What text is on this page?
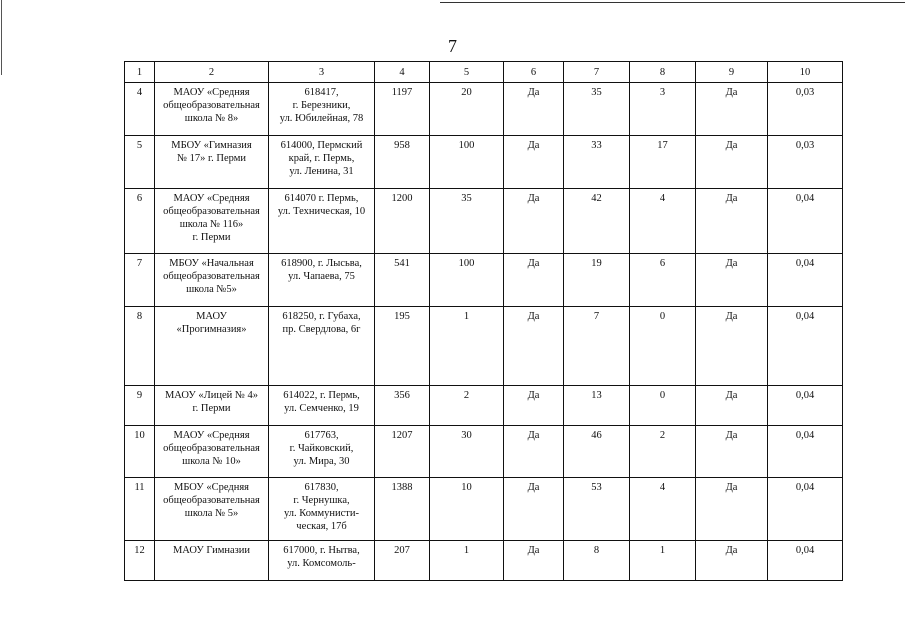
7
1	2	3	4	5	6	7	8	9	10
4	МАОУ «Средняя
общеобразовательная
школа № 8»	618417,
г. Березники,
ул. Юбилейная, 78	1197	20	Да	35	3	Да	0,03
5	МБОУ «Гимназия
№ 17» г. Перми	614000, Пермский
край, г. Пермь,
ул. Ленина, 31	958	100	Да	33	17	Да	0,03
6	МАОУ «Средняя
общеобразовательная
школа № 116»
г. Перми	614070 г. Пермь,
ул. Техническая, 10	1200	35	Да	42	4	Да	0,04
7	МБОУ «Начальная
общеобразовательная
школа №5»	618900, г. Лысьва,
ул. Чапаева, 75	541	100	Да	19	6	Да	0,04
8	МАОУ
«Прогимназия»	618250, г. Губаха,
пр. Свердлова, 6г	195	1	Да	7	0	Да	0,04
9	МАОУ «Лицей № 4»
г. Перми	614022, г. Пермь,
ул. Семченко, 19	356	2	Да	13	0	Да	0,04
10	МАОУ «Средняя
общеобразовательная
школа № 10»	617763,
г. Чайковский,
ул. Мира, 30	1207	30	Да	46	2	Да	0,04
11	МБОУ «Средняя
общеобразовательная
школа № 5»	617830,
г. Чернушка,
ул. Коммунисти-
ческая, 17б	1388	10	Да	53	4	Да	0,04
12	МАОУ Гимназии	617000, г. Нытва,
ул. Комсомоль-	207	1	Да	8	1	Да	0,04
